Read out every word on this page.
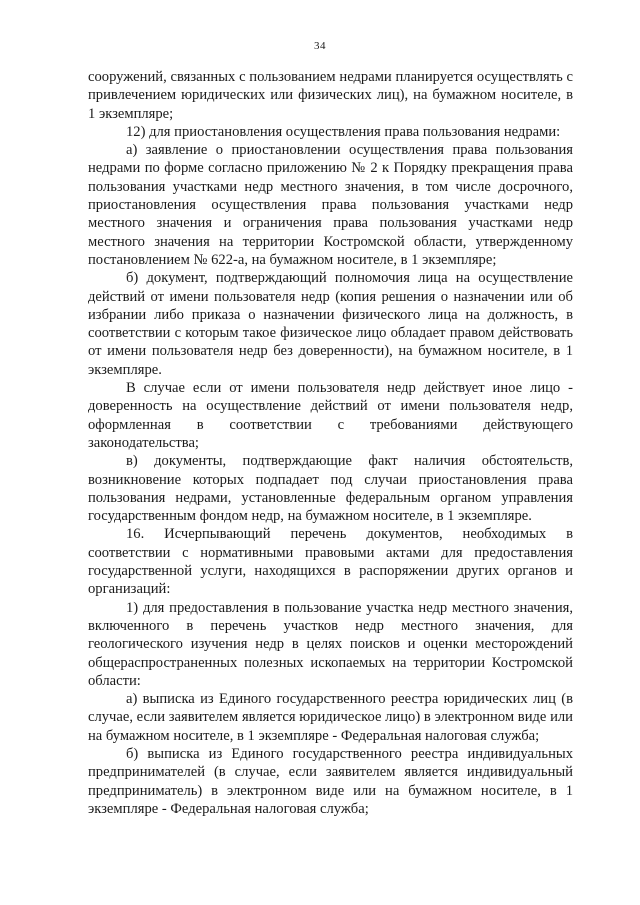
34

сооружений, связанных с пользованием недрами планируется осуществлять с привлечением юридических или физических лиц), на бумажном носителе, в 1 экземпляре;

12) для приостановления осуществления права пользования недрами:

а) заявление о приостановлении осуществления права пользования недрами по форме согласно приложению № 2 к Порядку прекращения права пользования участками недр местного значения, в том числе досрочного, приостановления осуществления права пользования участками недр местного значения и ограничения права пользования участками недр местного значения на территории Костромской области, утвержденному постановлением № 622-а, на бумажном носителе, в 1 экземпляре;

б) документ, подтверждающий полномочия лица на осуществление действий от имени пользователя недр (копия решения о назначении или об избрании либо приказа о назначении физического лица на должность, в соответствии с которым такое физическое лицо обладает правом действовать от имени пользователя недр без доверенности), на бумажном носителе, в 1 экземпляре.

В случае если от имени пользователя недр действует иное лицо - доверенность на осуществление действий от имени пользователя недр, оформленная в соответствии с требованиями действующего законодательства;

в) документы, подтверждающие факт наличия обстоятельств, возникновение которых подпадает под случаи приостановления права пользования недрами, установленные федеральным органом управления государственным фондом недр, на бумажном носителе, в 1 экземпляре.

16. Исчерпывающий перечень документов, необходимых в соответствии с нормативными правовыми актами для предоставления государственной услуги, находящихся в распоряжении других органов и организаций:

1) для предоставления в пользование участка недр местного значения, включенного в перечень участков недр местного значения, для геологического изучения недр в целях поисков и оценки месторождений общераспространенных полезных ископаемых на территории Костромской области:

а) выписка из Единого государственного реестра юридических лиц (в случае, если заявителем является юридическое лицо) в электронном виде или на бумажном носителе, в 1 экземпляре - Федеральная налоговая служба;

б) выписка из Единого государственного реестра индивидуальных предпринимателей (в случае, если заявителем является индивидуальный предприниматель) в электронном виде или на бумажном носителе, в 1 экземпляре - Федеральная налоговая служба;
